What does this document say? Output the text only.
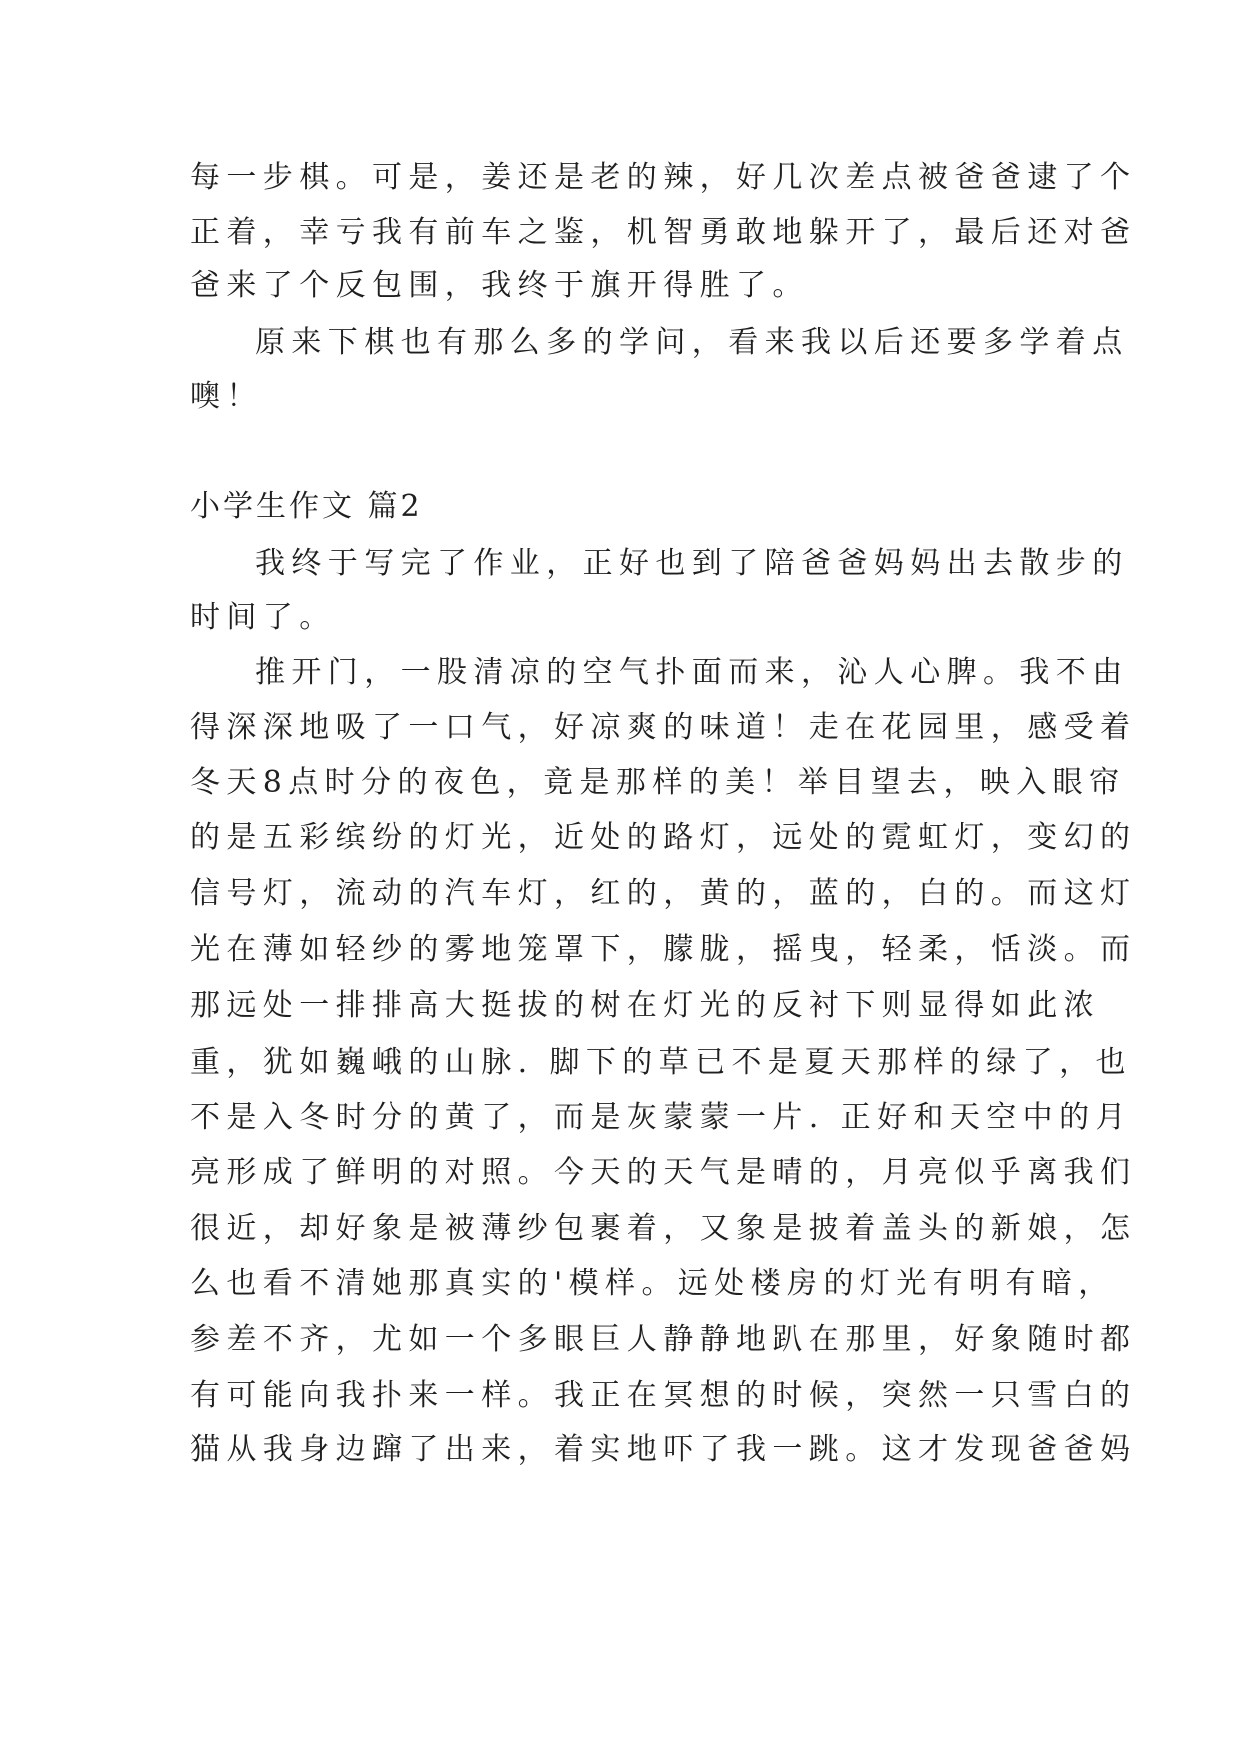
每一步棋。可是，姜还是老的辣，好几次差点被爸爸逮了个
正着，幸亏我有前车之鉴，机智勇敢地躲开了，最后还对爸
爸来了个反包围，我终于旗开得胜了。
原来下棋也有那么多的学问，看来我以后还要多学着点
噢！
小学生作文 篇2
我终于写完了作业，正好也到了陪爸爸妈妈出去散步的
时间了。
推开门，一股清凉的空气扑面而来，沁人心脾。我不由
得深深地吸了一口气，好凉爽的味道！走在花园里，感受着
冬天8点时分的夜色，竟是那样的美！举目望去，映入眼帘
的是五彩缤纷的灯光，近处的路灯，远处的霓虹灯，变幻的
信号灯，流动的汽车灯，红的，黄的，蓝的，白的。而这灯
光在薄如轻纱的雾地笼罩下，朦胧，摇曳，轻柔，恬淡。而
那远处一排排高大挺拔的树在灯光的反衬下则显得如此浓
重，犹如巍峨的山脉. 脚下的草已不是夏天那样的绿了，也
不是入冬时分的黄了，而是灰蒙蒙一片. 正好和天空中的月
亮形成了鲜明的对照。今天的天气是晴的，月亮似乎离我们
很近，却好象是被薄纱包裹着，又象是披着盖头的新娘，怎
么也看不清她那真实的'模样。远处楼房的灯光有明有暗，
参差不齐，尤如一个多眼巨人静静地趴在那里，好象随时都
有可能向我扑来一样。我正在冥想的时候，突然一只雪白的
猫从我身边蹿了出来，着实地吓了我一跳。这才发现爸爸妈
